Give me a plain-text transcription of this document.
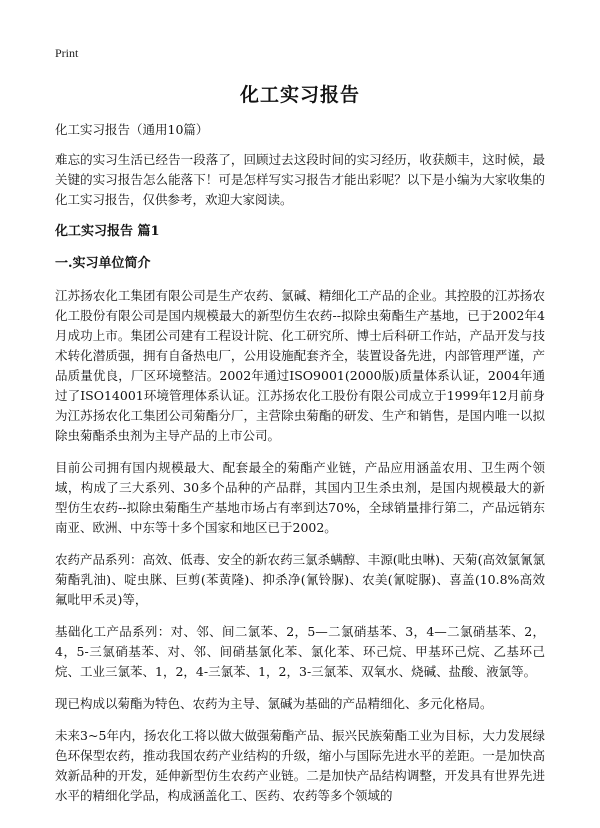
Print
化工实习报告

化工实习报告（通用10篇）

难忘的实习生活已经告一段落了，回顾过去这段时间的实习经历，收获颇丰，这时候，最关键的实习报告怎么能落下！可是怎样写实习报告才能出彩呢？以下是小编为大家收集的化工实习报告，仅供参考，欢迎大家阅读。

化工实习报告 篇1
一.实习单位简介

江苏扬农化工集团有限公司是生产农药、氯碱、精细化工产品的企业。其控股的江苏扬农化工股份有限公司是国内规模最大的新型仿生农药--拟除虫菊酯生产基地，已于2002年4月成功上市。集团公司建有工程设计院、化工研究所、博士后科研工作站，产品开发与技术转化潜质强，拥有自备热电厂，公用设施配套齐全，装置设备先进，内部管理严谨，产品质量优良，厂区环境整洁。2002年通过ISO9001(2000版)质量体系认证，2004年通过了ISO14001环境管理体系认证。江苏扬农化工股份有限公司成立于1999年12月前身为江苏扬农化工集团公司菊酯分厂，主营除虫菊酯的研发、生产和销售，是国内唯一以拟除虫菊酯杀虫剂为主导产品的上市公司。

目前公司拥有国内规模最大、配套最全的菊酯产业链，产品应用涵盖农用、卫生两个领域，构成了三大系列、30多个品种的产品群，其国内卫生杀虫剂，是国内规模最大的新型仿生农药--拟除虫菊酯生产基地市场占有率到达70%，全球销量排行第二，产品远销东南亚、欧洲、中东等十多个国家和地区已于2002。

农药产品系列：高效、低毒、安全的新农药三氯杀螨醇、丰源(吡虫啉)、天菊(高效氯氰氯菊酯乳油)、啶虫脒、巨剪(苯黄隆)、抑杀净(氰铃脲)、农美(氰啶脲)、喜盖(10.8%高效氟吡甲禾灵)等，

基础化工产品系列：对、邻、间二氯苯、2，5—二氯硝基苯、3，4—二氯硝基苯、2，4，5-三氯硝基苯、对、邻、间硝基氯化苯、氯化苯、环己烷、甲基环己烷、乙基环己烷、工业三氯苯、1，2，4-三氯苯、1，2，3-三氯苯、双氧水、烧碱、盐酸、液氯等。

现已构成以菊酯为特色、农药为主导、氯碱为基础的产品精细化、多元化格局。

未来3~5年内，扬农化工将以做大做强菊酯产品、振兴民族菊酯工业为目标，大力发展绿色环保型农药，推动我国农药产业结构的升级，缩小与国际先进水平的差距。一是加快高效新品种的开发，延伸新型仿生农药产业链。二是加快产品结构调整，开发具有世界先进水平的精细化学品，构成涵盖化工、医药、农药等多个领域的
